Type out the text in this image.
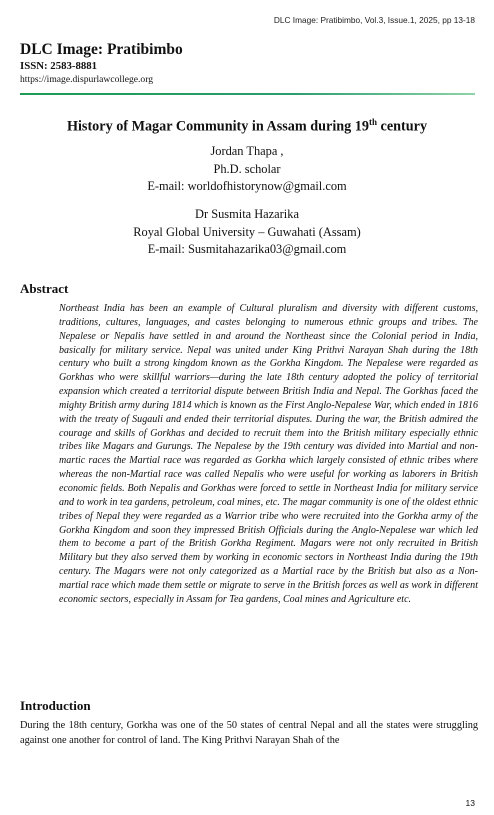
DLC Image: Pratibimbo, Vol.3, Issue.1, 2025, pp 13-18
DLC Image: Pratibimbo
ISSN: 2583-8881
https://image.dispurlawcollege.org
History of Magar Community in Assam during 19th century
Jordan Thapa ,
Ph.D. scholar
E-mail: worldofhistorynow@gmail.com
Dr Susmita Hazarika
Royal Global University – Guwahati (Assam)
E-mail: Susmitahazarika03@gmail.com
Abstract

Northeast India has been an example of Cultural pluralism and diversity with different customs, traditions, cultures, languages, and castes belonging to numerous ethnic groups and tribes. The Nepalese or Nepalis have settled in and around the Northeast since the Colonial period in India, basically for military service. Nepal was united under King Prithvi Narayan Shah during the 18th century who built a strong kingdom known as the Gorkha Kingdom. The Nepalese were regarded as Gorkhas who were skillful warriors—during the late 18th century adopted the policy of territorial expansion which created a territorial dispute between British India and Nepal. The Gorkhas faced the mighty British army during 1814 which is known as the First Anglo-Nepalese War, which ended in 1816 with the treaty of Sugauli and ended their territorial disputes. During the war, the British admired the courage and skills of Gorkhas and decided to recruit them into the British military especially ethnic tribes like Magars and Gurungs. The Nepalese by the 19th century was divided into Martial and non-martic races the Martial race was regarded as Gorkha which largely consisted of ethnic tribes where whereas the non-Martial race was called Nepalis who were useful for working as laborers in British economic fields. Both Nepalis and Gorkhas were forced to settle in Northeast India for military service and to work in tea gardens, petroleum, coal mines, etc. The magar community is one of the oldest ethnic tribes of Nepal they were regarded as a Warrior tribe who were recruited into the Gorkha army of the Gorkha Kingdom and soon they impressed British Officials during the Anglo-Nepalese war which led them to become a part of the British Gorkha Regiment. Magars were not only recruited in British Military but they also served them by working in economic sectors in Northeast India during the 19th century. The Magars were not only categorized as a Martial race by the British but also as a Non-martial race which made them settle or migrate to serve in the British forces as well as work in different economic sectors, especially in Assam for Tea gardens, Coal mines and Agriculture etc.

Introduction

During the 18th century, Gorkha was one of the 50 states of central Nepal and all the states were struggling against one another for control of land. The King Prithvi Narayan Shah of the

13
